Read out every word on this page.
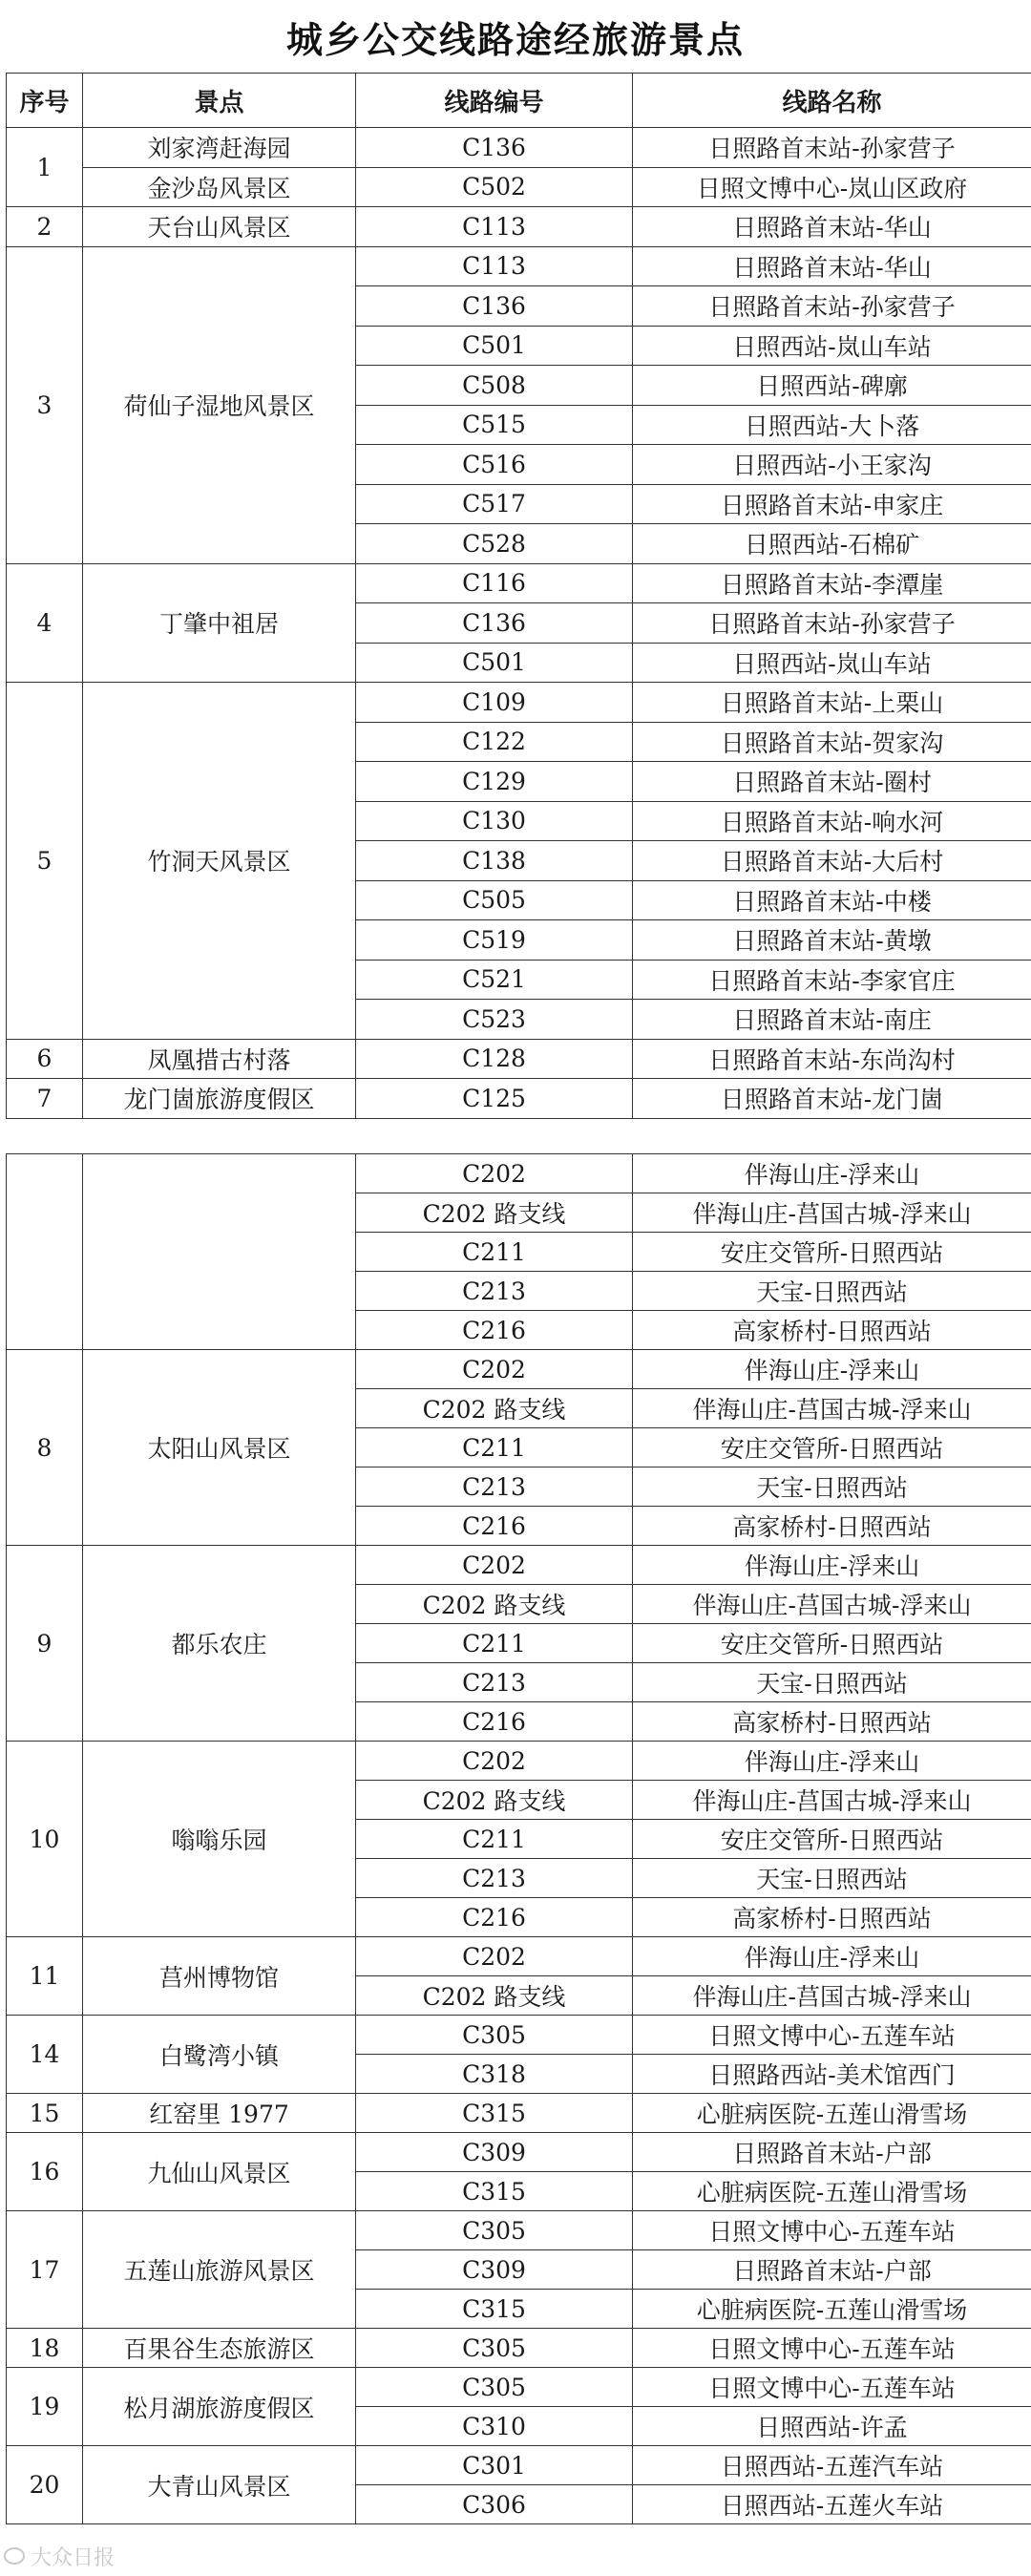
城乡公交线路途经旅游景点
序号	景点	线路编号	线路名称
1	刘家湾赶海园	C136	日照路首末站-孙家营子
	金沙岛风景区	C502	日照文博中心-岚山区政府
2	天台山风景区	C113	日照路首末站-华山
3	荷仙子湿地风景区	C113	日照路首末站-华山
		C136	日照路首末站-孙家营子
		C501	日照西站-岚山车站
		C508	日照西站-碑廓
		C515	日照西站-大卜落
		C516	日照西站-小王家沟
		C517	日照路首末站-申家庄
		C528	日照西站-石棉矿
4	丁肇中祖居	C116	日照路首末站-李潭崖
		C136	日照路首末站-孙家营子
		C501	日照西站-岚山车站
5	竹洞天风景区	C109	日照路首末站-上栗山
		C122	日照路首末站-贺家沟
		C129	日照路首末站-圈村
		C130	日照路首末站-响水河
		C138	日照路首末站-大后村
		C505	日照路首末站-中楼
		C519	日照路首末站-黄墩
		C521	日照路首末站-李家官庄
		C523	日照路首末站-南庄
6	凤凰措古村落	C128	日照路首末站-东尚沟村
7	龙门崮旅游度假区	C125	日照路首末站-龙门崮
		C202	伴海山庄-浮来山
		C202 路支线	伴海山庄-莒国古城-浮来山
		C211	安庄交管所-日照西站
		C213	天宝-日照西站
		C216	高家桥村-日照西站
8	太阳山风景区	C202	伴海山庄-浮来山
		C202 路支线	伴海山庄-莒国古城-浮来山
		C211	安庄交管所-日照西站
		C213	天宝-日照西站
		C216	高家桥村-日照西站
9	都乐农庄	C202	伴海山庄-浮来山
		C202 路支线	伴海山庄-莒国古城-浮来山
		C211	安庄交管所-日照西站
		C213	天宝-日照西站
		C216	高家桥村-日照西站
10	嗡嗡乐园	C202	伴海山庄-浮来山
		C202 路支线	伴海山庄-莒国古城-浮来山
		C211	安庄交管所-日照西站
		C213	天宝-日照西站
		C216	高家桥村-日照西站
11	莒州博物馆	C202	伴海山庄-浮来山
		C202 路支线	伴海山庄-莒国古城-浮来山
14	白鹭湾小镇	C305	日照文博中心-五莲车站
		C318	日照路西站-美术馆西门
15	红窑里 1977	C315	心脏病医院-五莲山滑雪场
16	九仙山风景区	C309	日照路首末站-户部
		C315	心脏病医院-五莲山滑雪场
17	五莲山旅游风景区	C305	日照文博中心-五莲车站
		C309	日照路首末站-户部
		C315	心脏病医院-五莲山滑雪场
18	百果谷生态旅游区	C305	日照文博中心-五莲车站
19	松月湖旅游度假区	C305	日照文博中心-五莲车站
		C310	日照西站-许孟
20	大青山风景区	C301	日照西站-五莲汽车站
		C306	日照西站-五莲火车站
大众日报
